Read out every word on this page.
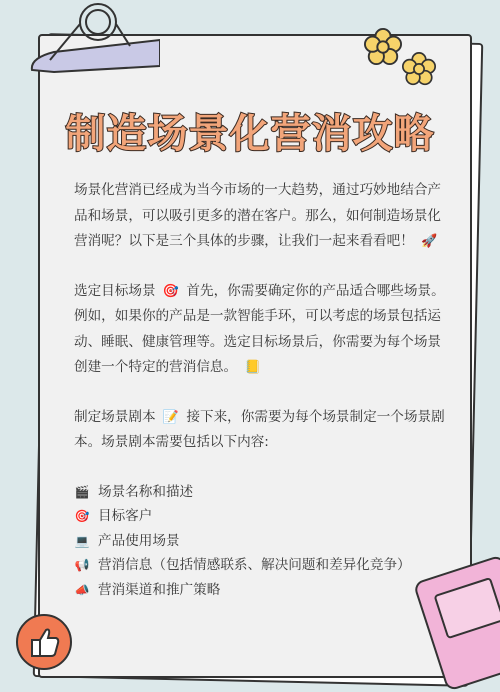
制造场景化营消攻略

场景化营消已经成为当今市场的一大趋势，通过巧妙地结合产品和场景，可以吸引更多的潜在客户。那么，如何制造场景化营消呢？以下是三个具体的步骤，让我们一起来看看吧！ 🚀

选定目标场景 🎯 首先，你需要确定你的产品适合哪些场景。例如，如果你的产品是一款智能手环，可以考虑的场景包括运动、睡眠、健康管理等。选定目标场景后，你需要为每个场景创建一个特定的营消信息。 📒

制定场景剧本 📝 接下来，你需要为每个场景制定一个场景剧本。场景剧本需要包括以下内容:

🎬 场景名称和描述
🎯 目标客户
💻 产品使用场景
📢 营消信息（包括情感联系、解决问题和差异化竞争）
📣 营消渠道和推广策略
